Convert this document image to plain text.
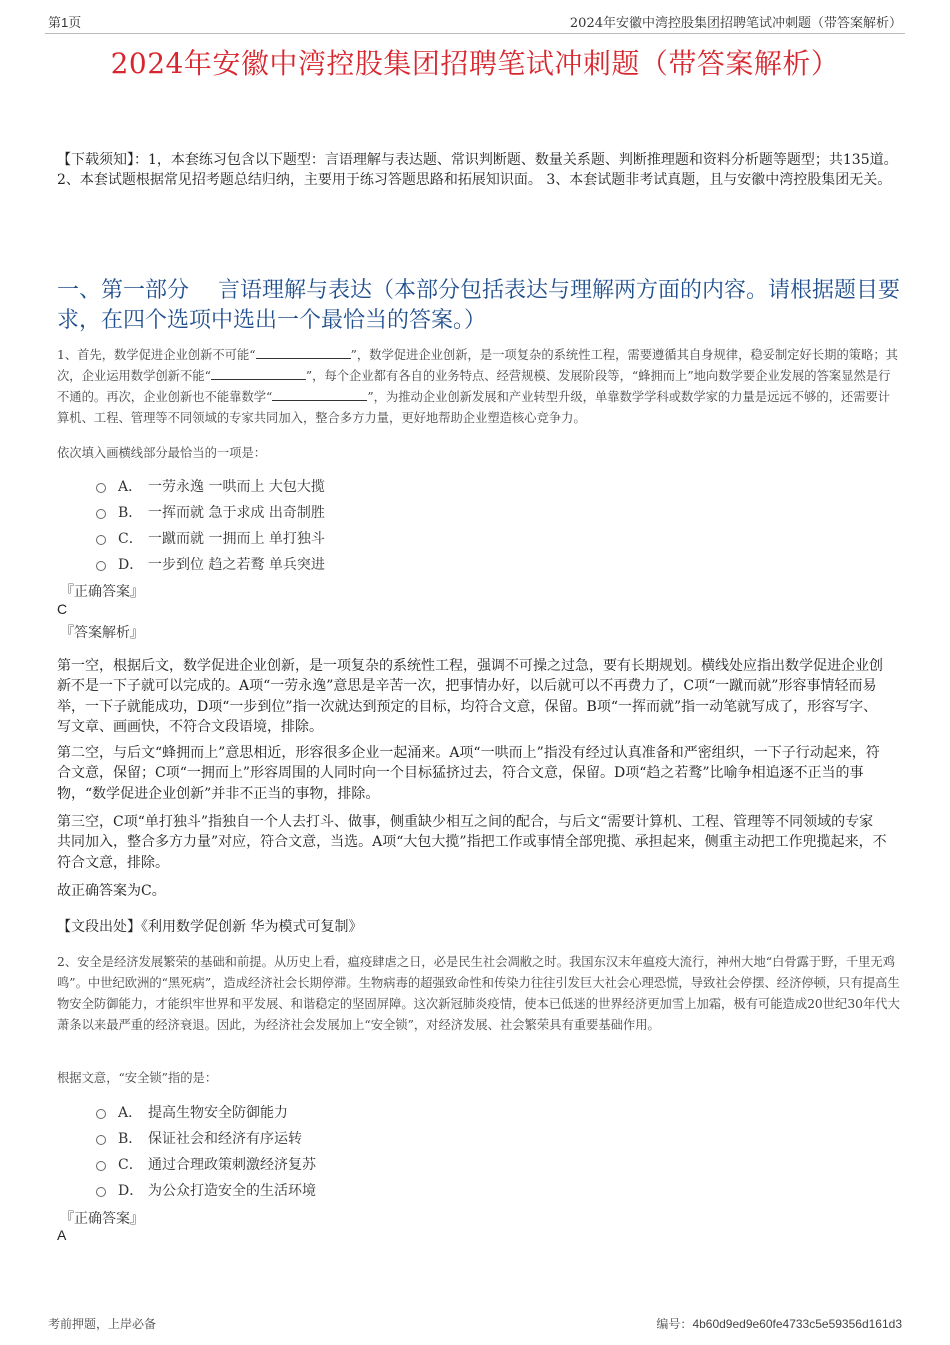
第1页	2024年安徽中湾控股集团招聘笔试冲刺题（带答案解析）
2024年安徽中湾控股集团招聘笔试冲刺题（带答案解析）
【下载须知】：1，本套练习包含以下题型：言语理解与表达题、常识判断题、数量关系题、判断推理题和资料分析题等题型；共135道。 2、本套试题根据常见招考题总结归纳，主要用于练习答题思路和拓展知识面。 3、本套试题非考试真题，且与安徽中湾控股集团无关。
一、第一部分　 言语理解与表达（本部分包括表达与理解两方面的内容。请根据题目要求，在四个选项中选出一个最恰当的答案。）
1、首先，数学促进企业创新不可能“	”，数学促进企业创新，是一项复杂的系统性工程，需要遵循其自身规律，稳妥制定好长期的策略；其次，企业运用数学创新不能“	”，每个企业都有各自的业务特点、经营规模、发展阶段等，“蜂拥而上”地向数学要企业发展的答案显然是行不通的。再次，企业创新也不能靠数学“	”，为推动企业创新发展和产业转型升级，单靠数学学科或数学家的力量是远远不够的，还需要计算机、工程、管理等不同领域的专家共同加入，整合多方力量，更好地帮助企业塑造核心竞争力。
依次填入画横线部分最恰当的一项是：
A． 一劳永逸 一哄而上 大包大揽
B． 一挥而就 急于求成 出奇制胜
C． 一蹴而就 一拥而上 单打独斗
D． 一步到位 趋之若鹜 单兵突进
『正确答案』
C
『答案解析』
第一空，根据后文，数学促进企业创新，是一项复杂的系统性工程，强调不可操之过急，要有长期规划。横线处应指出数学促进企业创新不是一下子就可以完成的。A项“一劳永逸”意思是辛苦一次，把事情办好，以后就可以不再费力了，C项“一蹴而就”形容事情轻而易举，一下子就能成功，D项“一步到位”指一次就达到预定的目标，均符合文意，保留。B项“一挥而就”指一动笔就写成了，形容写字、写文章、画画快，不符合文段语境，排除。
第二空，与后文“蜂拥而上”意思相近，形容很多企业一起涌来。A项“一哄而上”指没有经过认真准备和严密组织，一下子行动起来，符合文意，保留；C项“一拥而上”形容周围的人同时向一个目标猛挤过去，符合文意，保留。D项“趋之若鹜”比喻争相追逐不正当的事物，“数学促进企业创新”并非不正当的事物，排除。
第三空，C项“单打独斗”指独自一个人去打斗、做事，侧重缺少相互之间的配合，与后文“需要计算机、工程、管理等不同领域的专家共同加入，整合多方力量”对应，符合文意，当选。A项“大包大揽”指把工作或事情全部兜揽、承担起来，侧重主动把工作兜揽起来，不符合文意，排除。
故正确答案为C。
【文段出处】《利用数学促创新 华为模式可复制》
2、安全是经济发展繁荣的基础和前提。从历史上看，瘟疫肆虐之日，必是民生社会凋敝之时。我国东汉末年瘟疫大流行，神州大地“白骨露于野，千里无鸡鸣”。中世纪欧洲的“黑死病”，造成经济社会长期停滞。生物病毒的超强致命性和传染力往往引发巨大社会心理恐慌，导致社会停摆、经济停顿，只有提高生物安全防御能力，才能织牢世界和平发展、和谐稳定的坚固屏障。这次新冠肺炎疫情，使本已低迷的世界经济更加雪上加霜，极有可能造成20世纪30年代大萧条以来最严重的经济衰退。因此，为经济社会发展加上“安全锁”，对经济发展、社会繁荣具有重要基础作用。
根据文意，“安全锁”指的是：
A． 提高生物安全防御能力
B． 保证社会和经济有序运转
C． 通过合理政策刺激经济复苏
D． 为公众打造安全的生活环境
『正确答案』
A
考前押题，上岸必备	编号：4b60d9ed9e60fe4733c5e59356d161d3
